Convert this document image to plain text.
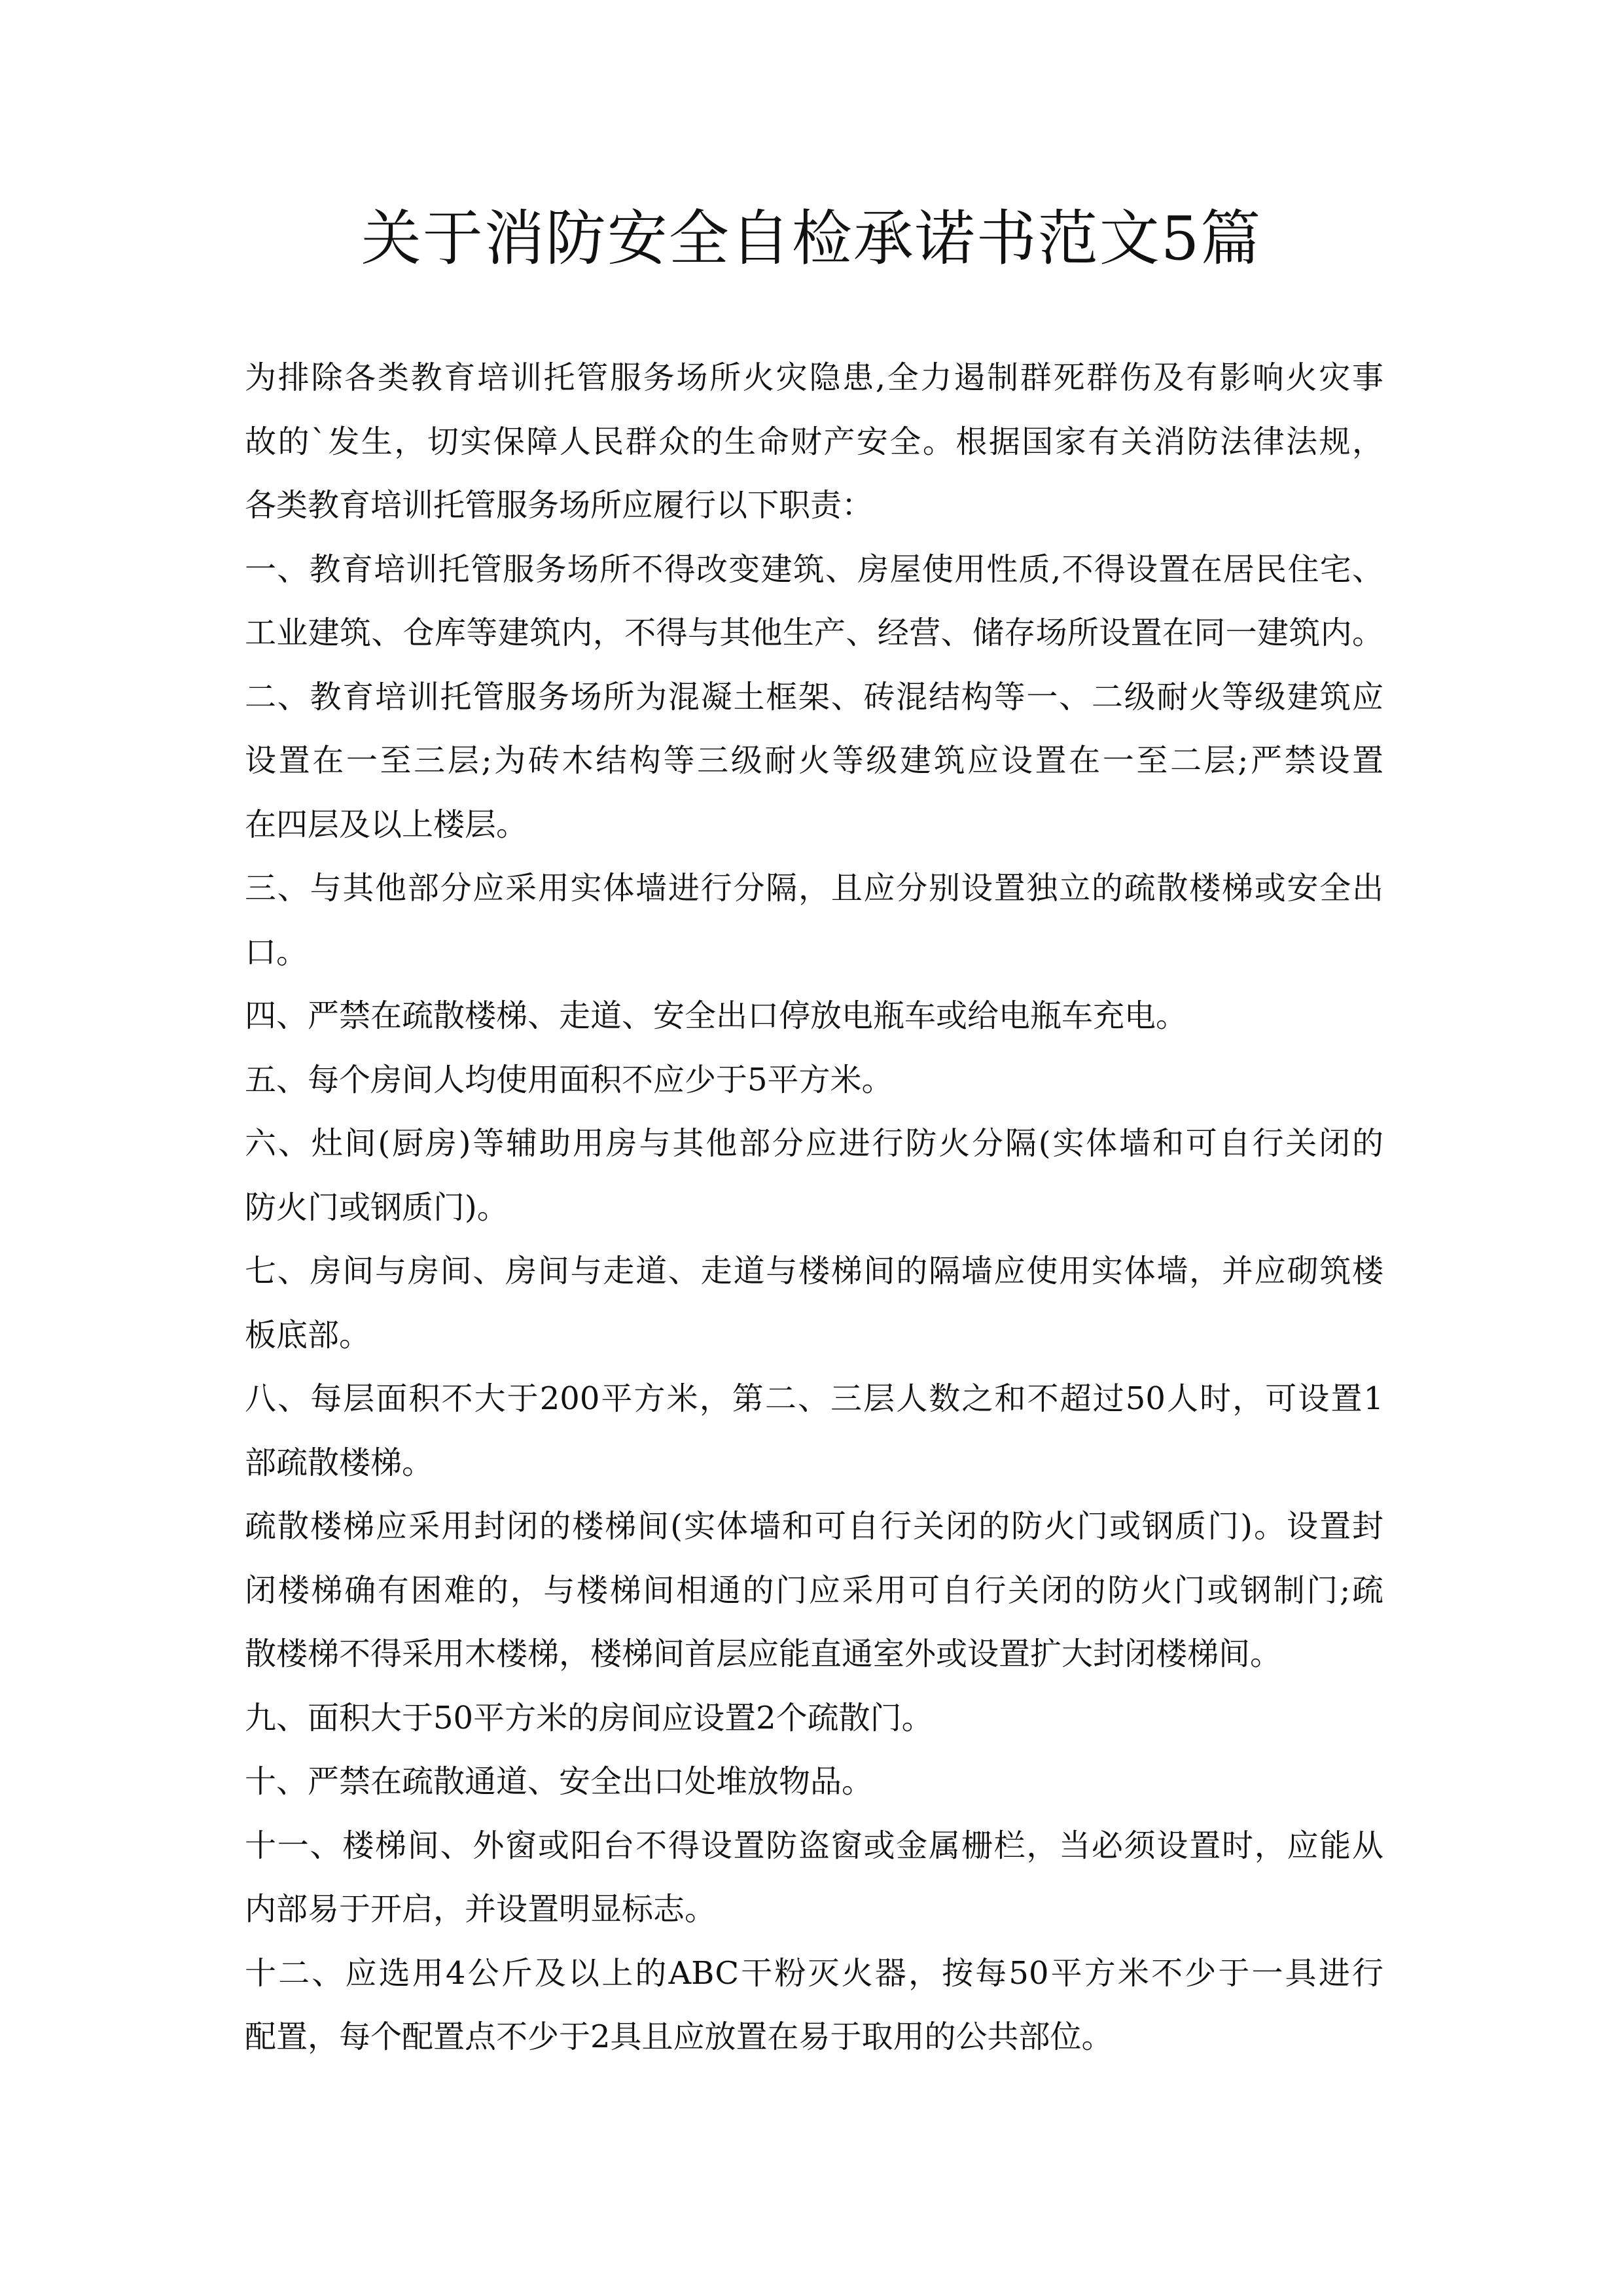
关于消防安全自检承诺书范文5篇
为排除各类教育培训托管服务场所火灾隐患,全力遏制群死群伤及有影响火灾事
故的`发生，切实保障人民群众的生命财产安全。根据国家有关消防法律法规，
各类教育培训托管服务场所应履行以下职责：
一、教育培训托管服务场所不得改变建筑、房屋使用性质,不得设置在居民住宅、
工业建筑、仓库等建筑内，不得与其他生产、经营、储存场所设置在同一建筑内。
二、教育培训托管服务场所为混凝土框架、砖混结构等一、二级耐火等级建筑应
设置在一至三层;为砖木结构等三级耐火等级建筑应设置在一至二层;严禁设置
在四层及以上楼层。
三、与其他部分应采用实体墙进行分隔，且应分别设置独立的疏散楼梯或安全出
口。
四、严禁在疏散楼梯、走道、安全出口停放电瓶车或给电瓶车充电。
五、每个房间人均使用面积不应少于5平方米。
六、灶间(厨房)等辅助用房与其他部分应进行防火分隔(实体墙和可自行关闭的
防火门或钢质门)。
七、房间与房间、房间与走道、走道与楼梯间的隔墙应使用实体墙，并应砌筑楼
板底部。
八、每层面积不大于200平方米，第二、三层人数之和不超过50人时，可设置1
部疏散楼梯。
疏散楼梯应采用封闭的楼梯间(实体墙和可自行关闭的防火门或钢质门)。设置封
闭楼梯确有困难的，与楼梯间相通的门应采用可自行关闭的防火门或钢制门;疏
散楼梯不得采用木楼梯，楼梯间首层应能直通室外或设置扩大封闭楼梯间。
九、面积大于50平方米的房间应设置2个疏散门。
十、严禁在疏散通道、安全出口处堆放物品。
十一、楼梯间、外窗或阳台不得设置防盗窗或金属栅栏，当必须设置时，应能从
内部易于开启，并设置明显标志。
十二、应选用4公斤及以上的ABC干粉灭火器，按每50平方米不少于一具进行
配置，每个配置点不少于2具且应放置在易于取用的公共部位。
